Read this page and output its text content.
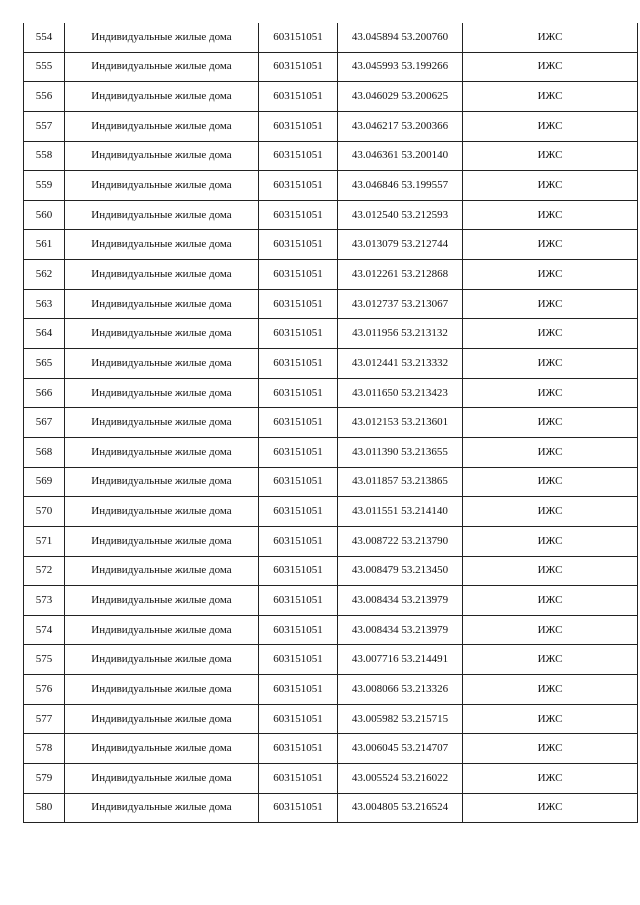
554	Индивидуальные жилые дома	603151051	43.045894 53.200760	ИЖС
555	Индивидуальные жилые дома	603151051	43.045993 53.199266	ИЖС
556	Индивидуальные жилые дома	603151051	43.046029 53.200625	ИЖС
557	Индивидуальные жилые дома	603151051	43.046217 53.200366	ИЖС
558	Индивидуальные жилые дома	603151051	43.046361 53.200140	ИЖС
559	Индивидуальные жилые дома	603151051	43.046846 53.199557	ИЖС
560	Индивидуальные жилые дома	603151051	43.012540 53.212593	ИЖС
561	Индивидуальные жилые дома	603151051	43.013079 53.212744	ИЖС
562	Индивидуальные жилые дома	603151051	43.012261 53.212868	ИЖС
563	Индивидуальные жилые дома	603151051	43.012737 53.213067	ИЖС
564	Индивидуальные жилые дома	603151051	43.011956 53.213132	ИЖС
565	Индивидуальные жилые дома	603151051	43.012441 53.213332	ИЖС
566	Индивидуальные жилые дома	603151051	43.011650 53.213423	ИЖС
567	Индивидуальные жилые дома	603151051	43.012153 53.213601	ИЖС
568	Индивидуальные жилые дома	603151051	43.011390 53.213655	ИЖС
569	Индивидуальные жилые дома	603151051	43.011857 53.213865	ИЖС
570	Индивидуальные жилые дома	603151051	43.011551 53.214140	ИЖС
571	Индивидуальные жилые дома	603151051	43.008722 53.213790	ИЖС
572	Индивидуальные жилые дома	603151051	43.008479 53.213450	ИЖС
573	Индивидуальные жилые дома	603151051	43.008434 53.213979	ИЖС
574	Индивидуальные жилые дома	603151051	43.008434 53.213979	ИЖС
575	Индивидуальные жилые дома	603151051	43.007716 53.214491	ИЖС
576	Индивидуальные жилые дома	603151051	43.008066 53.213326	ИЖС
577	Индивидуальные жилые дома	603151051	43.005982 53.215715	ИЖС
578	Индивидуальные жилые дома	603151051	43.006045 53.214707	ИЖС
579	Индивидуальные жилые дома	603151051	43.005524 53.216022	ИЖС
580	Индивидуальные жилые дома	603151051	43.004805 53.216524	ИЖС
